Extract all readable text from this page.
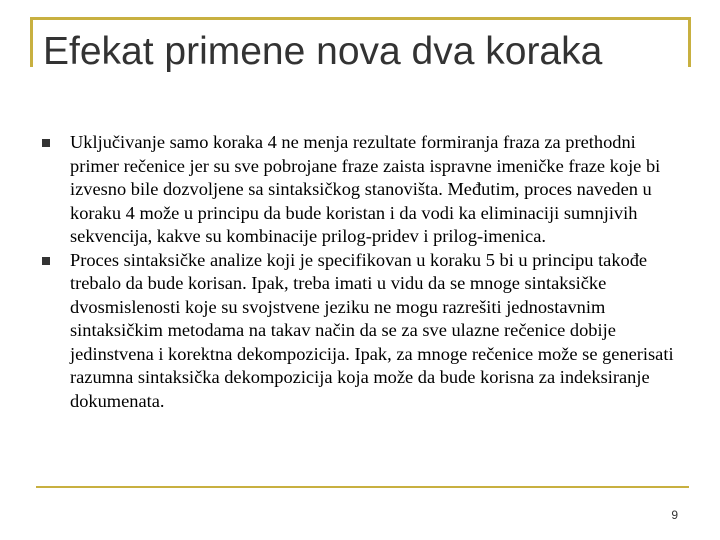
Efekat primene nova dva koraka
Uključivanje samo koraka 4 ne menja rezultate formiranja fraza za prethodni primer rečenice jer su sve pobrojane fraze zaista ispravne imeničke fraze koje bi izvesno bile dozvoljene sa sintaksičkog stanovišta. Međutim, proces naveden u koraku 4 može u principu da bude koristan i da vodi ka eliminaciji sumnjivih sekvencija, kakve su kombinacije prilog-pridev i prilog-imenica.
Proces sintaksičke analize koji je specifikovan u koraku 5 bi u principu takođe trebalo da bude korisan. Ipak, treba imati u vidu da se mnoge sintaksičke dvosmislenosti koje su svojstvene jeziku ne mogu razrešiti jednostavnim sintaksičkim metodama na takav način da se za sve ulazne rečenice dobije jedinstvena i korektna dekompozicija. Ipak, za mnoge rečenice može se generisati razumna sintaksička dekompozicija koja može da bude korisna za indeksiranje dokumenata.
9
